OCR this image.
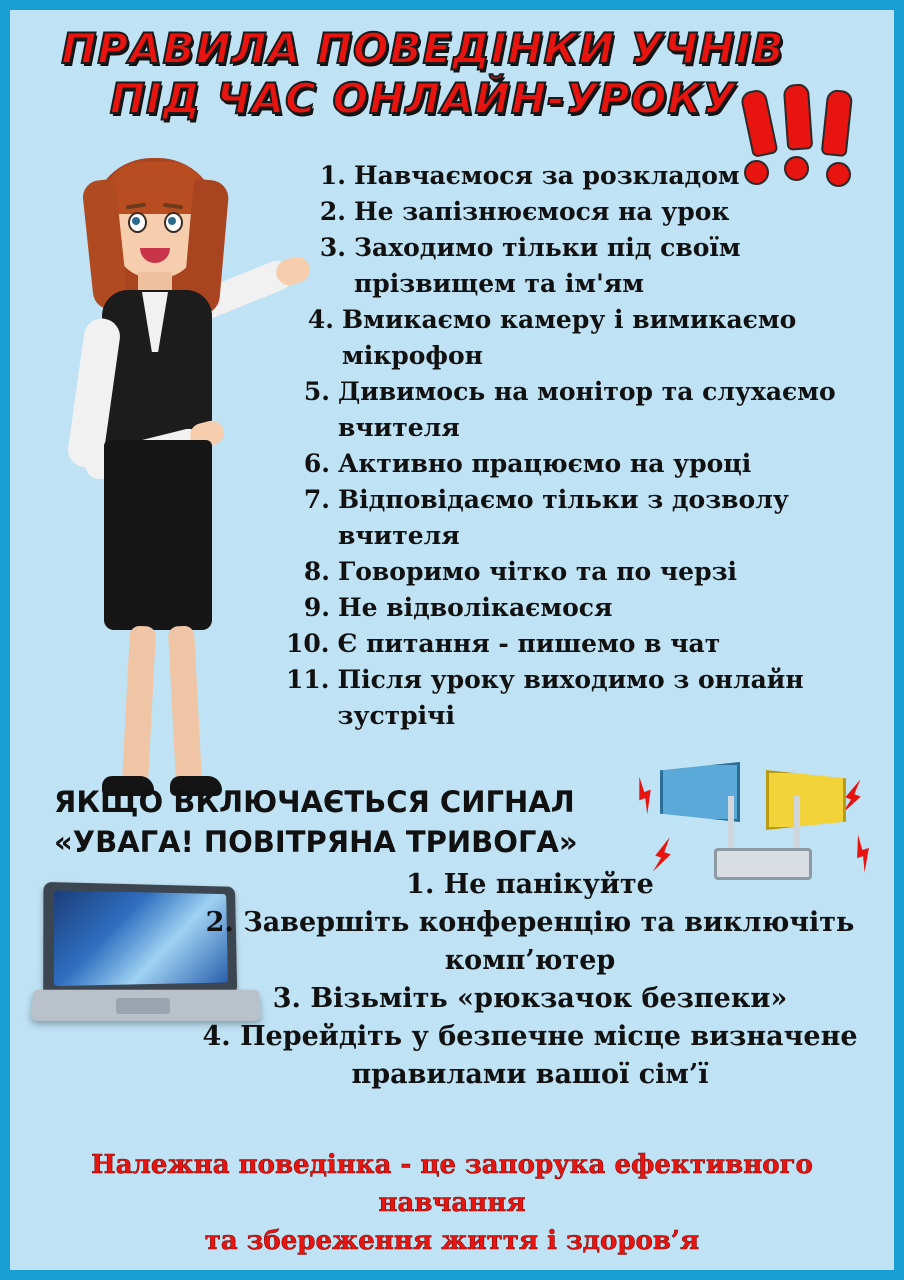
ПРАВИЛА ПОВЕДІНКИ УЧНІВ
ПІД ЧАС ОНЛАЙН-УРОКУ
1. Навчаємося за розкладом
2. Не запізнюємося на урок
3. Заходимо тільки під своїм прізвищем та ім'ям
4. Вмикаємо камеру і вимикаємо мікрофон
5. Дивимось на монітор та слухаємо вчителя
6. Активно працюємо на уроці
7. Відповідаємо тільки з дозволу вчителя
8. Говоримо чітко та по черзі
9. Не відволікаємося
10. Є питання - пишемо в чат
11. Після уроку виходимо з онлайн зустрічі
ЯКЩО ВКЛЮЧАЄТЬСЯ СИГНАЛ
«УВАГА! ПОВІТРЯНА ТРИВОГА»
1. Не панікуйте
2. Завершіть конференцію та виключіть комп’ютер
3. Візьміть «рюкзачок безпеки»
4. Перейдіть у безпечне місце визначене правилами вашої сім’ї
Належна поведінка - це запорука ефективного навчання
та збереження життя і здоров’я
